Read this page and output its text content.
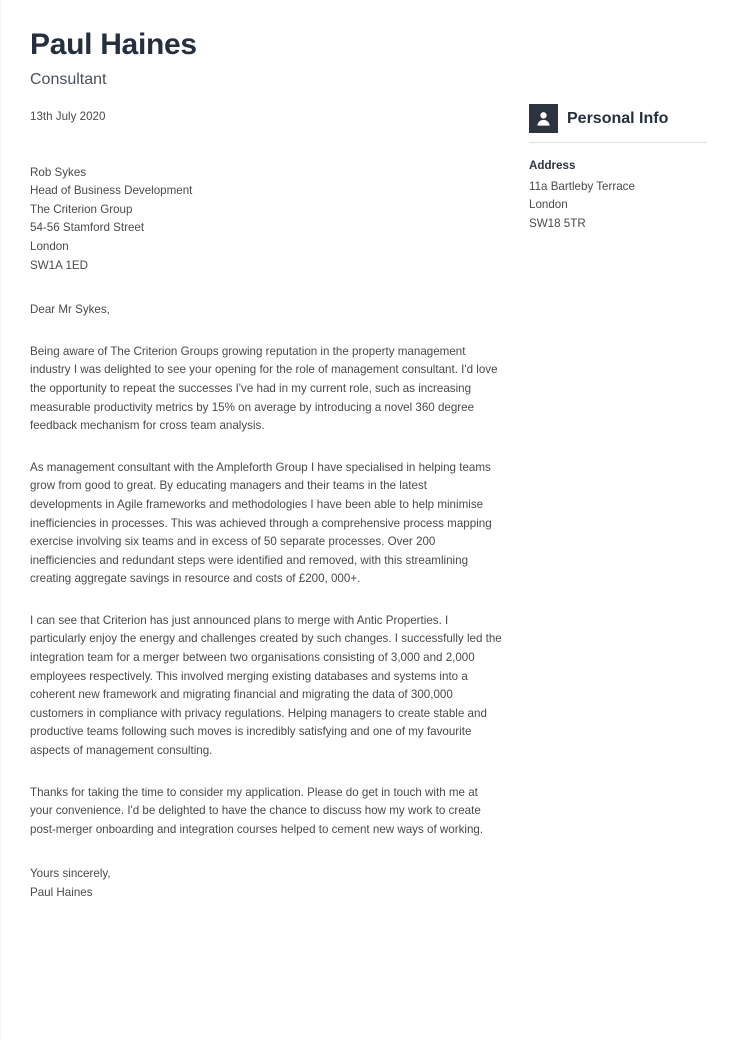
Paul Haines
Consultant
13th July 2020
Rob Sykes
Head of Business Development
The Criterion Group
54-56 Stamford Street
London
SW1A 1ED
Dear Mr Sykes,

Being aware of The Criterion Groups growing reputation in the property management industry I was delighted to see your opening for the role of management consultant. I'd love the opportunity to repeat the successes I've had in my current role, such as increasing measurable productivity metrics by 15% on average by introducing a novel 360 degree feedback mechanism for cross team analysis.

As management consultant with the Ampleforth Group I have specialised in helping teams grow from good to great. By educating managers and their teams in the latest developments in Agile frameworks and methodologies I have been able to help minimise inefficiencies in processes. This was achieved through a comprehensive process mapping exercise involving six teams and in excess of 50 separate processes. Over 200 inefficiencies and redundant steps were identified and removed, with this streamlining creating aggregate savings in resource and costs of £200, 000+.

I can see that Criterion has just announced plans to merge with Antic Properties. I particularly enjoy the energy and challenges created by such changes. I successfully led the integration team for a merger between two organisations consisting of 3,000 and 2,000 employees respectively. This involved merging existing databases and systems into a coherent new framework and migrating financial and migrating the data of 300,000 customers in compliance with privacy regulations. Helping managers to create stable and productive teams following such moves is incredibly satisfying and one of my favourite aspects of management consulting.

Thanks for taking the time to consider my application. Please do get in touch with me at your convenience. I'd be delighted to have the chance to discuss how my work to create post-merger onboarding and integration courses helped to cement new ways of working.

Yours sincerely,
Paul Haines
Personal Info
Address
11a Bartleby Terrace
London
SW18 5TR
